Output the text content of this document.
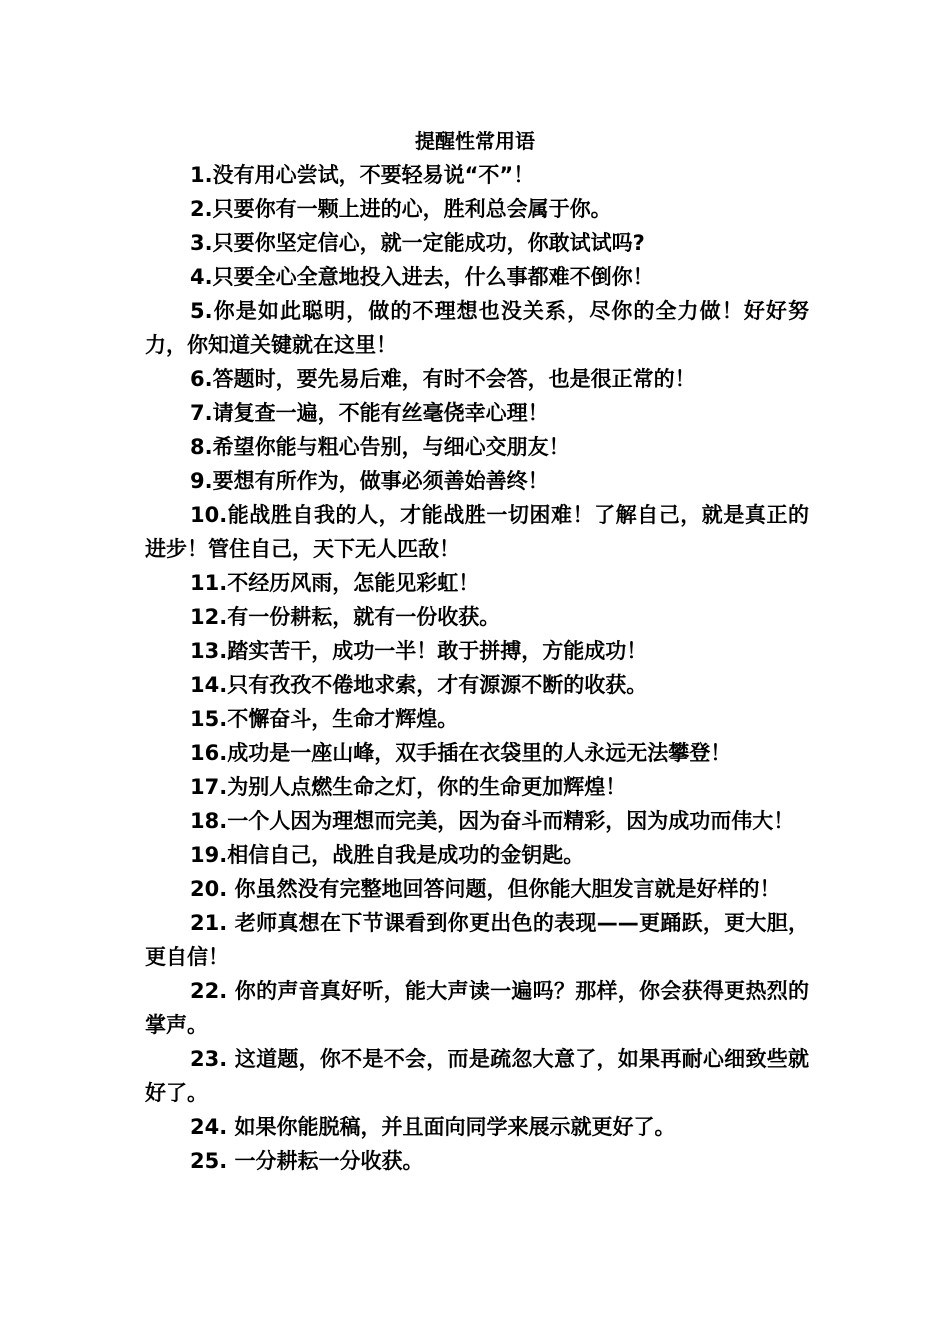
提醒性常用语

1.没有用心尝试，不要轻易说“不”！

2.只要你有一颗上进的心，胜利总会属于你。

3.只要你坚定信心，就一定能成功，你敢试试吗?

4.只要全心全意地投入进去，什么事都难不倒你！

5.你是如此聪明，做的不理想也没关系，尽你的全力做！好好努力，你知道关键就在这里！

6.答题时，要先易后难，有时不会答，也是很正常的！

7.请复查一遍，不能有丝毫侥幸心理！

8.希望你能与粗心告别，与细心交朋友！

9.要想有所作为，做事必须善始善终！

10.能战胜自我的人，才能战胜一切困难！了解自己，就是真正的进步！管住自己，天下无人匹敌！

11.不经历风雨，怎能见彩虹！

12.有一份耕耘，就有一份收获。

13.踏实苦干，成功一半！敢于拼搏，方能成功！

14.只有孜孜不倦地求索，才有源源不断的收获。

15.不懈奋斗，生命才辉煌。

16.成功是一座山峰，双手插在衣袋里的人永远无法攀登！

17.为别人点燃生命之灯，你的生命更加辉煌！

18.一个人因为理想而完美，因为奋斗而精彩，因为成功而伟大！

19.相信自己，战胜自我是成功的金钥匙。

20. 你虽然没有完整地回答问题，但你能大胆发言就是好样的！

21. 老师真想在下节课看到你更出色的表现——更踊跃，更大胆，更自信！

22. 你的声音真好听，能大声读一遍吗？那样，你会获得更热烈的掌声。

23. 这道题，你不是不会，而是疏忽大意了，如果再耐心细致些就好了。

24. 如果你能脱稿，并且面向同学来展示就更好了。

25. 一分耕耘一分收获。
